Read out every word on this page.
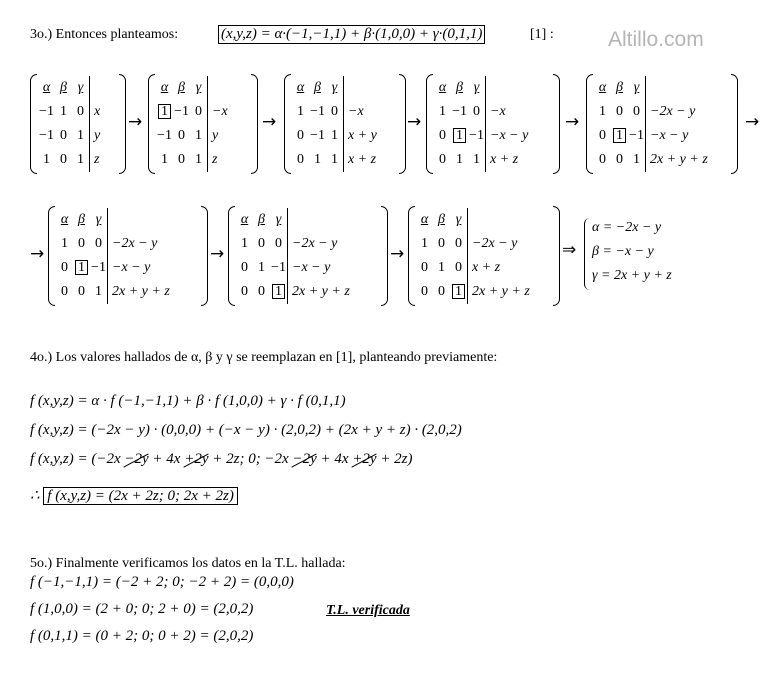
3o.) Entonces planteamos:	(x,y,z) = α·(−1,−1,1) + β·(1,0,0) + γ·(0,1,1)	[1] :	Altillo.com
α β γ
−1 1 0 x
−1 0 1 y
1 0 1 z
→
α β γ
1 −1 0 −x
−1 0 1 y
1 0 1 z
→
α β γ
1 −1 0 −x
0 −1 1 x + y
0 1 1 x + z
→
α β γ
1 −1 0 −x
0 1 −1 −x − y
0 1 1 x + z
→
α β γ
1 0 0 −2x − y
0 1 −1 −x − y
0 0 1 2x + y + z
→
α β γ
1 0 0 −2x − y
0 1 −1 −x − y
0 0 1 2x + y + z
→
α β γ
1 0 0 −2x − y
0 1 −1 −x − y
0 0 1 2x + y + z
→
α β γ
1 0 0 −2x − y
0 1 0 x + z
0 0 1 2x + y + z
→	⇒
α = −2x − y
β = −x − y
γ = 2x + y + z
4o.) Los valores hallados de α, β y γ se reemplazan en [1], planteando previamente:
f (x,y,z) = α · f (−1,−1,1) + β · f (1,0,0) + γ · f (0,1,1)
f (x,y,z) = (−2x − y) · (0,0,0) + (−x − y) · (2,0,2) + (2x + y + z) · (2,0,2)
f (x,y,z) = (−2x −2y + 4x +2y + 2z; 0; −2x −2y + 4x +2y + 2z)
∴ f (x,y,z) = (2x + 2z; 0; 2x + 2z)
5o.) Finalmente verificamos los datos en la T.L. hallada:
f (−1,−1,1) = (−2 + 2; 0; −2 + 2) = (0,0,0)
f (1,0,0) = (2 + 0; 0; 2 + 0) = (2,0,2)
f (0,1,1) = (0 + 2; 0; 0 + 2) = (2,0,2)
T.L. verificada
